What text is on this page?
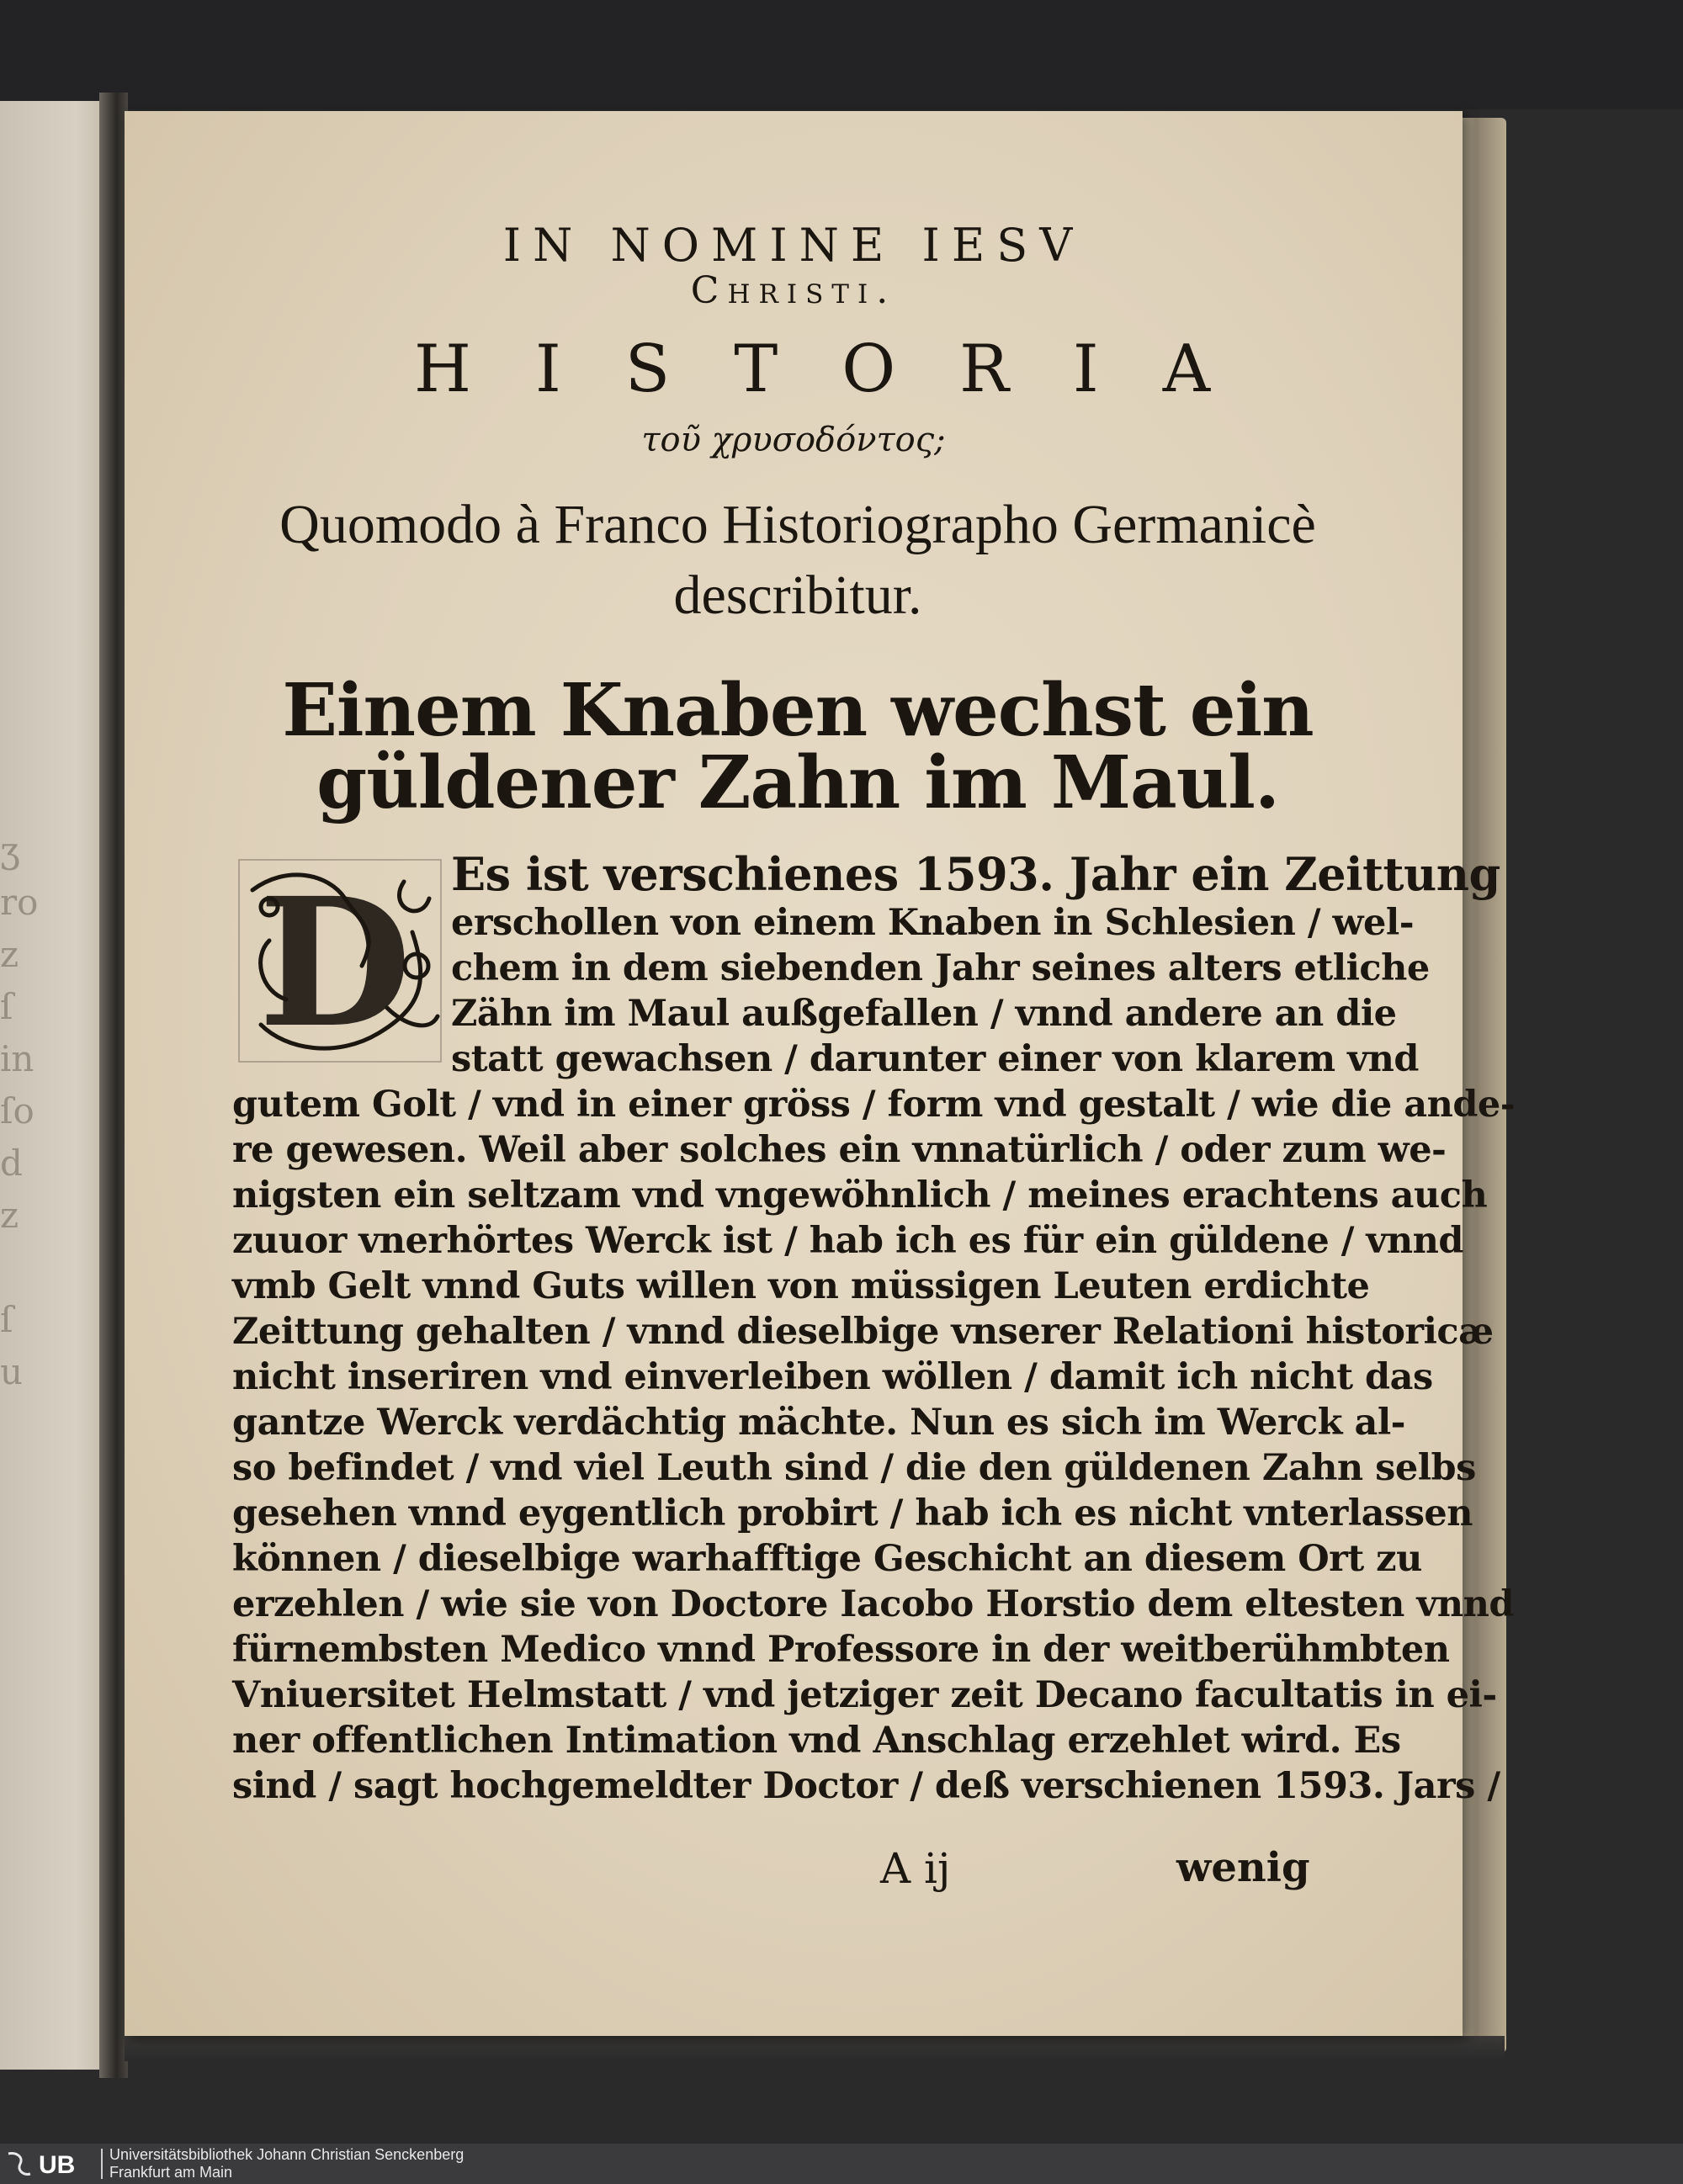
ʒ
ro
z
ſ
in
ſo
d
z

ſ
u
IN NOMINE IESV
Christi.
HISTORIA
τοῦ χρυσοδόντος;
Quomodo à Franco Historiographo Germanicè describitur.
Einem Knaben wechst ein güldener Zahn im Maul.
D Es ist verschienes 1593. Jahr ein Zeittung
erschollen von einem Knaben in Schlesien / wel-
chem in dem siebenden Jahr seines alters etliche
Zähn im Maul außgefallen / vnnd andere an die
statt gewachsen / darunter einer von klarem vnd
gutem Golt / vnd in einer gröss / form vnd gestalt / wie die ande-
re gewesen. Weil aber solches ein vnnatürlich / oder zum we-
nigsten ein seltzam vnd vngewöhnlich / meines erachtens auch
zuuor vnerhörtes Werck ist / hab ich es für ein güldene / vnnd
vmb Gelt vnnd Guts willen von müssigen Leuten erdichte
Zeittung gehalten / vnnd dieselbige vnserer Relationi historicæ
nicht inseriren vnd einverleiben wöllen / damit ich nicht das
gantze Werck verdächtig mächte. Nun es sich im Werck al-
so befindet / vnd viel Leuth sind / die den güldenen Zahn selbs
gesehen vnnd eygentlich probirt / hab ich es nicht vnterlassen
können / dieselbige warhafftige Geschicht an diesem Ort zu
erzehlen / wie sie von Doctore Iacobo Horstio dem eltesten vnnd
fürnembsten Medico vnnd Professore in der weitberühmbten
Vniuersitet Helmstatt / vnd jetziger zeit Decano facultatis in ei-
ner offentlichen Intimation vnd Anschlag erzehlet wird. Es
sind / sagt hochgemeldter Doctor / deß verschienen 1593. Jars /
A ij	wenig
UB Universitätsbibliothek Johann Christian Senckenberg
Frankfurt am Main
